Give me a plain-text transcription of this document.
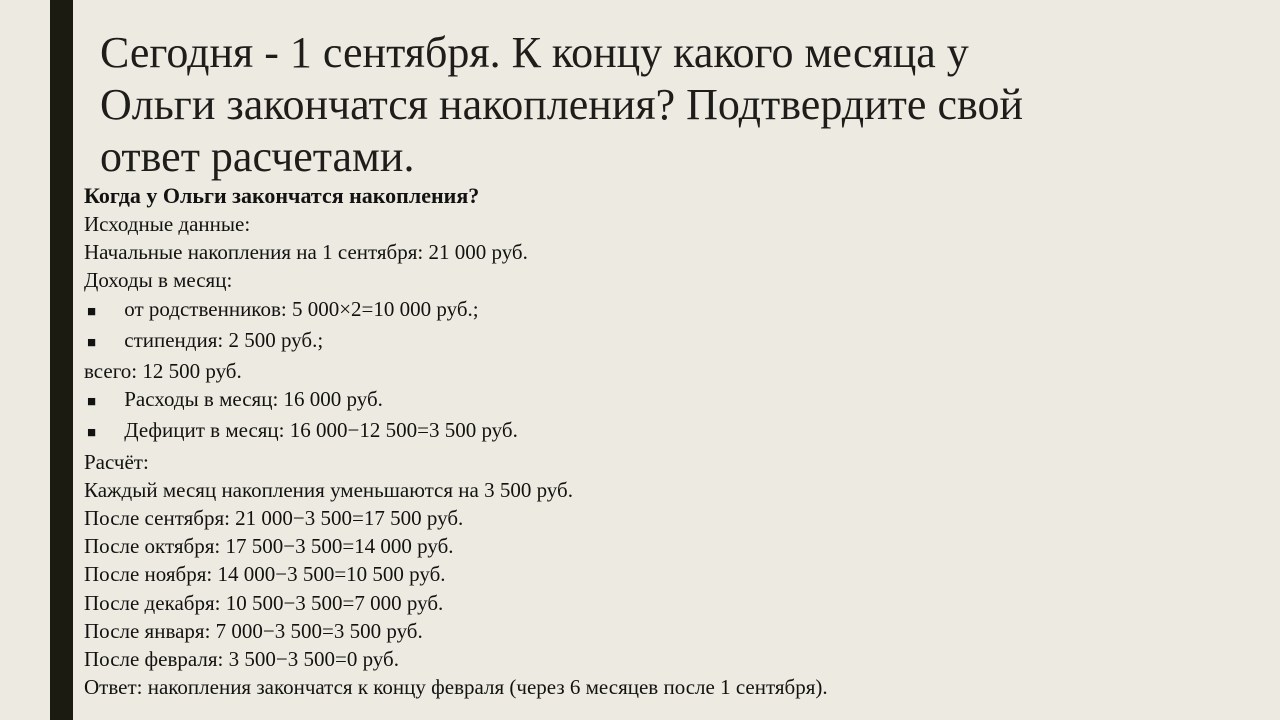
Сегодня - 1 сентября. К концу какого месяца у
Ольги закончатся накопления? Подтвердите свой
ответ расчетами.
Когда у Ольги закончатся накопления?
Исходные данные:
Начальные накопления на 1 сентября: 21 000 руб.
Доходы в месяц:
■ от родственников: 5 000×2=10 000 руб.;
■ стипендия: 2 500 руб.;
всего: 12 500 руб.
■ Расходы в месяц: 16 000 руб.
■ Дефицит в месяц: 16 000−12 500=3 500 руб.
Расчёт:
Каждый месяц накопления уменьшаются на 3 500 руб.
После сентября: 21 000−3 500=17 500 руб.
После октября: 17 500−3 500=14 000 руб.
После ноября: 14 000−3 500=10 500 руб.
После декабря: 10 500−3 500=7 000 руб.
После января: 7 000−3 500=3 500 руб.
После февраля: 3 500−3 500=0 руб.
Ответ: накопления закончатся к концу февраля (через 6 месяцев после 1 сентября).
